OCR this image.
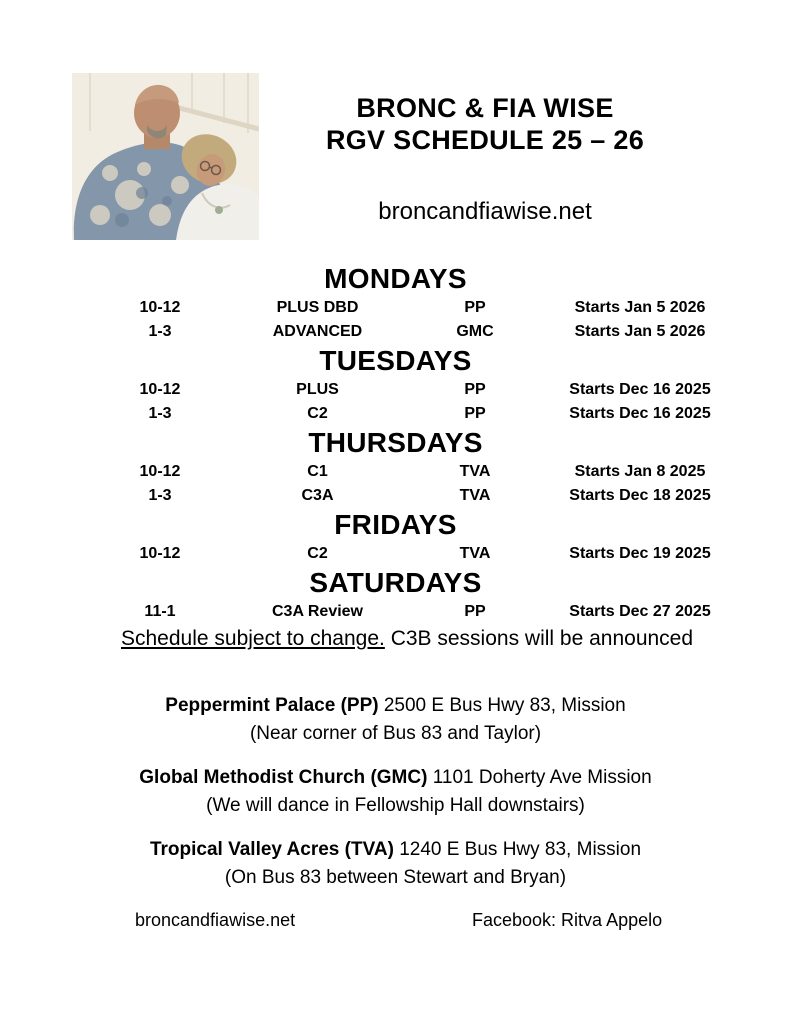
BRONC & FIA WISE
RGV SCHEDULE 25 – 26
broncandfiawise.net
MONDAYS
10-12	PLUS DBD	PP	Starts Jan 5 2026
1-3	ADVANCED	GMC	Starts Jan 5 2026
TUESDAYS
10-12	PLUS	PP	Starts Dec 16 2025
1-3	C2	PP	Starts Dec 16 2025
THURSDAYS
10-12	C1	TVA	Starts Jan 8 2025
1-3	C3A	TVA	Starts Dec 18 2025
FRIDAYS
10-12	C2	TVA	Starts Dec 19 2025
SATURDAYS
11-1	C3A Review	PP	Starts Dec 27 2025
Schedule subject to change. C3B sessions will be announced
Peppermint Palace (PP) 2500 E Bus Hwy 83, Mission
(Near corner of Bus 83 and Taylor)
Global Methodist Church (GMC) 1101 Doherty Ave Mission
(We will dance in Fellowship Hall downstairs)
Tropical Valley Acres (TVA) 1240 E Bus Hwy 83, Mission
(On Bus 83 between Stewart and Bryan)
broncandfiawise.net	Facebook: Ritva Appelo
